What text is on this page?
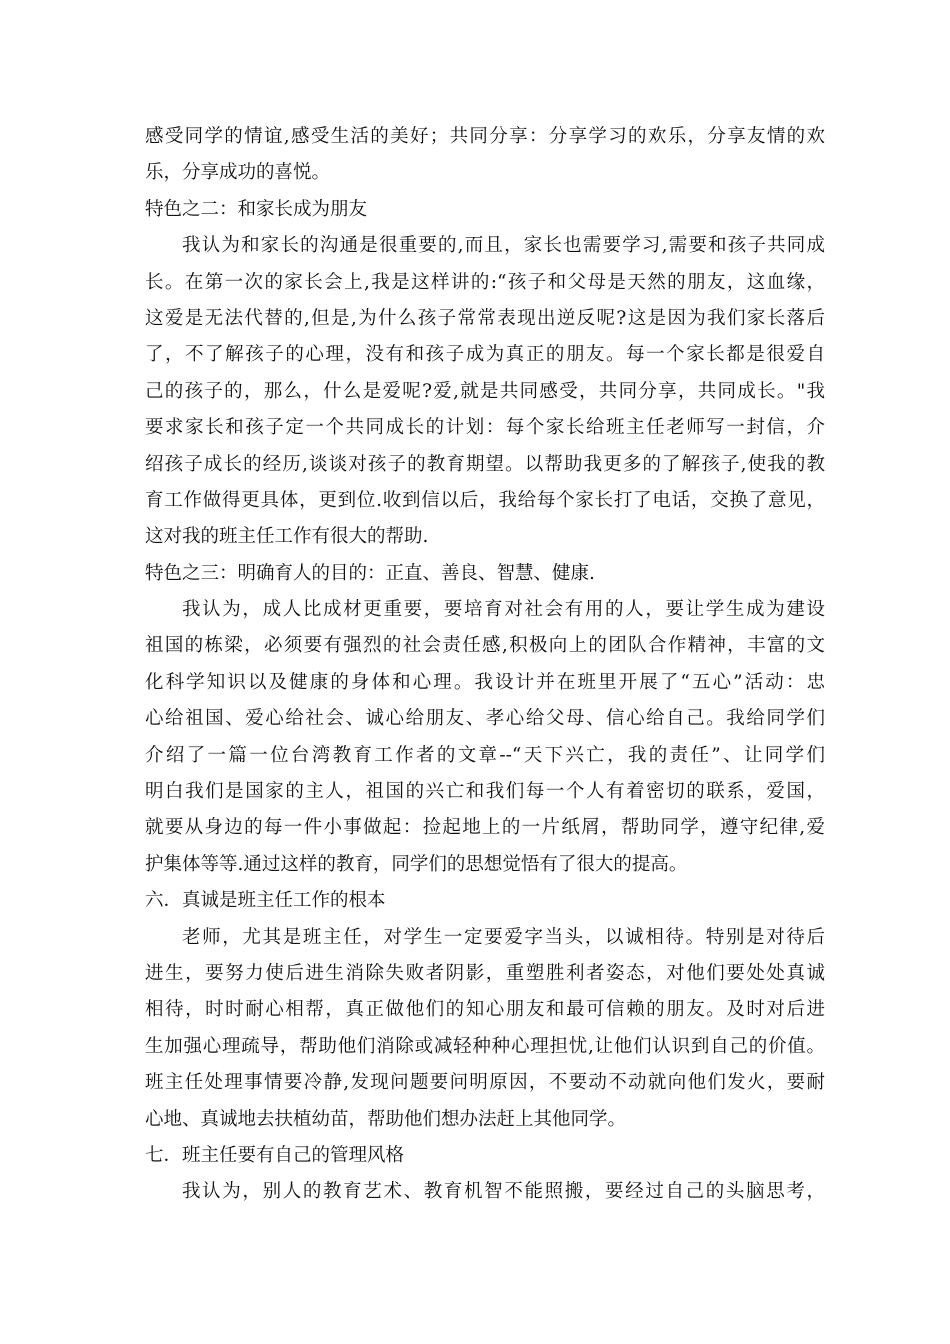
感受同学的情谊,感受生活的美好；共同分享：分享学习的欢乐，分享友情的欢
乐，分享成功的喜悦。
特色之二：和家长成为朋友
我认为和家长的沟通是很重要的,而且，家长也需要学习,需要和孩子共同成
长。在第一次的家长会上,我是这样讲的:“孩子和父母是天然的朋友，这血缘，
这爱是无法代替的,但是,为什么孩子常常表现出逆反呢?这是因为我们家长落后
了，不了解孩子的心理，没有和孩子成为真正的朋友。每一个家长都是很爱自
己的孩子的，那么，什么是爱呢?爱,就是共同感受，共同分享，共同成长。"我
要求家长和孩子定一个共同成长的计划：每个家长给班主任老师写一封信，介
绍孩子成长的经历,谈谈对孩子的教育期望。以帮助我更多的了解孩子,使我的教
育工作做得更具体，更到位.收到信以后，我给每个家长打了电话，交换了意见，
这对我的班主任工作有很大的帮助.
特色之三：明确育人的目的：正直、善良、智慧、健康.
我认为，成人比成材更重要，要培育对社会有用的人，要让学生成为建设
祖国的栋梁，必须要有强烈的社会责任感,积极向上的团队合作精神，丰富的文
化科学知识以及健康的身体和心理。我设计并在班里开展了“五心”活动：忠
心给祖国、爱心给社会、诚心给朋友、孝心给父母、信心给自己。我给同学们
介绍了一篇一位台湾教育工作者的文章--“天下兴亡，我的责任”、让同学们
明白我们是国家的主人，祖国的兴亡和我们每一个人有着密切的联系，爱国，
就要从身边的每一件小事做起：捡起地上的一片纸屑，帮助同学，遵守纪律,爱
护集体等等.通过这样的教育，同学们的思想觉悟有了很大的提高。
六．真诚是班主任工作的根本
老师，尤其是班主任，对学生一定要爱字当头，以诚相待。特别是对待后
进生，要努力使后进生消除失败者阴影，重塑胜利者姿态，对他们要处处真诚
相待，时时耐心相帮，真正做他们的知心朋友和最可信赖的朋友。及时对后进
生加强心理疏导，帮助他们消除或减轻种种心理担忧,让他们认识到自己的价值。
班主任处理事情要冷静,发现问题要问明原因，不要动不动就向他们发火，要耐
心地、真诚地去扶植幼苗，帮助他们想办法赶上其他同学。
七．班主任要有自己的管理风格
我认为，别人的教育艺术、教育机智不能照搬，要经过自己的头脑思考，
